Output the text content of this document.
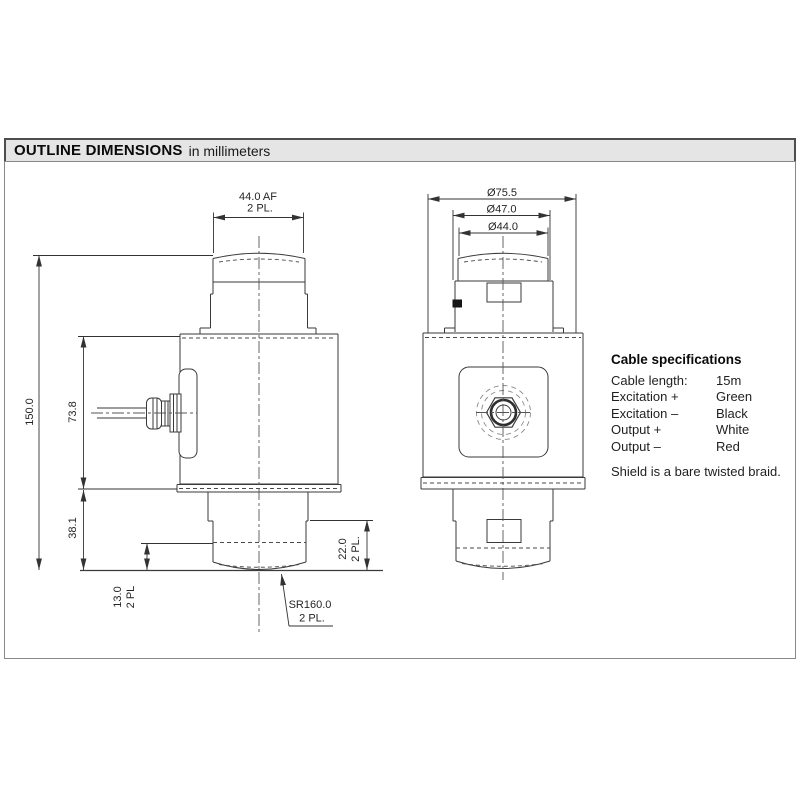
OUTLINE DIMENSIONS in millimeters
44.0 AF
2 PL.
150.0	73.8
38.1
13.0 2 PL
22.0 2 PL.
SR160.0
2 PL.
Ø75.5
Ø47.0
Ø44.0
Cable specifications
Cable length:	15m
Excitation +	Green
Excitation –	Black
Output +	White
Output –	Red
Shield is a bare twisted braid.
